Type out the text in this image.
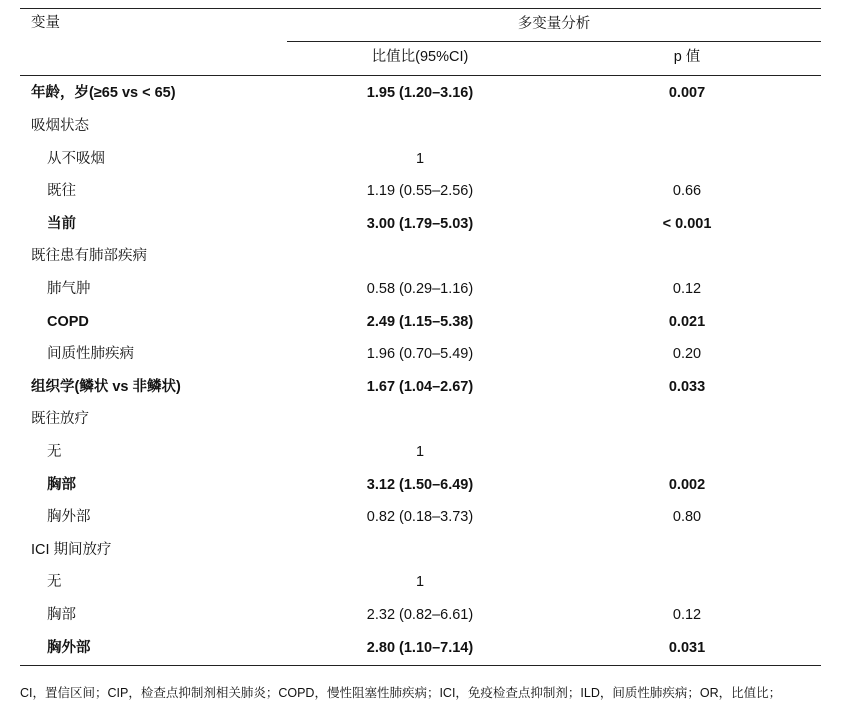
变量	多变量分析
比值比(95%CI)	p 值
年龄，岁(≥65 vs < 65)
吸烟状态
从不吸烟
既往
当前
既往患有肺部疾病
肺气肿
COPD
间质性肺疾病
组织学(鳞状 vs 非鳞状)
既往放疗
无
胸部
胸外部
ICI 期间放疗
无
胸部
胸外部
1.95 (1.20–3.16)
1
1.19 (0.55–2.56)
3.00 (1.79–5.03)
0.58 (0.29–1.16)
2.49 (1.15–5.38)
1.96 (0.70–5.49)
1.67 (1.04–2.67)
1
3.12 (1.50–6.49)
0.82 (0.18–3.73)
1
2.32 (0.82–6.61)
2.80 (1.10–7.14)
0.007
0.66
< 0.001
0.12
0.021
0.20
0.033
0.002
0.80
0.12
0.031
CI，置信区间；CIP，检查点抑制剂相关肺炎；COPD，慢性阻塞性肺疾病；ICI，免疫检查点抑制剂；ILD，间质性肺疾病；OR，比值比；
